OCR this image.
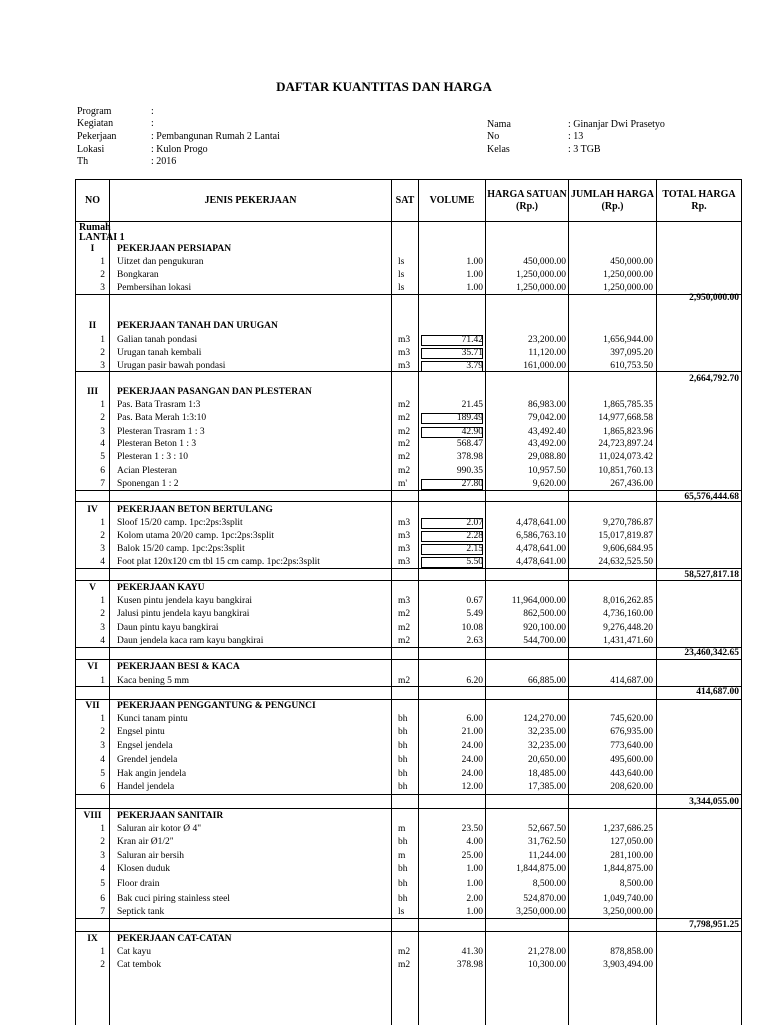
DAFTAR KUANTITAS DAN HARGA
Program	:
Kegiatan	:
Pekerjaan	: Pembangunan Rumah 2 Lantai
Lokasi	: Kulon Progo
Th	: 2016
Nama	: Ginanjar Dwi Prasetyo
No	: 13
Kelas	: 3 TGB
NO	JENIS PEKERJAAN	SAT	VOLUME
HARGA SATUAN (Rp.)
JUMLAH HARGA (Rp.)
TOTAL HARGA Rp.
Rumah
LANTAI 1
I	PEKERJAAN PERSIAPAN
1 Uitzet dan pengukuran	ls	1.00	450,000.00	450,000.00
2 Bongkaran	ls	1.00	1,250,000.00	1,250,000.00
3 Pembersihan lokasi	ls	1.00	1,250,000.00	1,250,000.00
2,950,000.00
II	PEKERJAAN TANAH DAN URUGAN
1 Galian tanah pondasi	m3	71.42	23,200.00	1,656,944.00
2 Urugan tanah kembali	m3	35.71	11,120.00	397,095.20
3 Urugan pasir bawah pondasi	m3	3.79	161,000.00	610,753.50
2,664,792.70
III	PEKERJAAN PASANGAN DAN PLESTERAN
1 Pas. Bata Trasram 1:3	m2	21.45	86,983.00	1,865,785.35
2 Pas. Bata Merah 1:3:10	m2	189.49	79,042.00	14,977,668.58
3 Plesteran Trasram 1 : 3	m2	42.90	43,492.40	1,865,823.96
4 Plesteran Beton 1 : 3	m2	568.47	43,492.00	24,723,897.24
5 Plesteran 1 : 3 : 10	m2	378.98	29,088.80	11,024,073.42
6 Acian Plesteran	m2	990.35	10,957.50	10,851,760.13
7 Sponengan 1 : 2	m'	27.80	9,620.00	267,436.00
65,576,444.68
IV	PEKERJAAN BETON BERTULANG
1 Sloof 15/20 camp. 1pc:2ps:3split	m3	2.07	4,478,641.00	9,270,786.87
2 Kolom utama 20/20 camp. 1pc:2ps:3split	m3	2.28	6,586,763.10	15,017,819.87
3 Balok 15/20 camp. 1pc:2ps:3split	m3	2.15	4,478,641.00	9,606,684.95
4 Foot plat 120x120 cm tbl 15 cm camp. 1pc:2ps:3split	m3	5.50	4,478,641.00	24,632,525.50
58,527,817.18
V	PEKERJAAN KAYU
1 Kusen pintu jendela kayu bangkirai	m3	0.67	11,964,000.00	8,016,262.85
2 Jalusi pintu jendela kayu bangkirai	m2	5.49	862,500.00	4,736,160.00
3 Daun pintu kayu bangkirai	m2	10.08	920,100.00	9,276,448.20
4 Daun jendela kaca ram kayu bangkirai	m2	2.63	544,700.00	1,431,471.60
23,460,342.65
VI	PEKERJAAN BESI & KACA
1 Kaca bening 5 mm	m2	6.20	66,885.00	414,687.00
414,687.00
VII	PEKERJAAN PENGGANTUNG & PENGUNCI
1 Kunci tanam pintu	bh	6.00	124,270.00	745,620.00
2 Engsel pintu	bh	21.00	32,235.00	676,935.00
3 Engsel jendela	bh	24.00	32,235.00	773,640.00
4 Grendel jendela	bh	24.00	20,650.00	495,600.00
5 Hak angin jendela	bh	24.00	18,485.00	443,640.00
6 Handel jendela	bh	12.00	17,385.00	208,620.00
3,344,055.00
VIII	PEKERJAAN SANITAIR
1 Saluran air kotor Ø 4"	m	23.50	52,667.50	1,237,686.25
2 Kran air Ø1/2"	bh	4.00	31,762.50	127,050.00
3 Saluran air bersih	m	25.00	11,244.00	281,100.00
4 Klosen duduk	bh	1.00	1,844,875.00	1,844,875.00
5 Floor drain	bh	1.00	8,500.00	8,500.00
6 Bak cuci piring stainless steel	bh	2.00	524,870.00	1,049,740.00
7 Septick tank	ls	1.00	3,250,000.00	3,250,000.00
7,798,951.25
IX	PEKERJAAN CAT-CATAN
1 Cat kayu	m2	41.30	21,278.00	878,858.00
2 Cat tembok	m2	378.98	10,300.00	3,903,494.00
